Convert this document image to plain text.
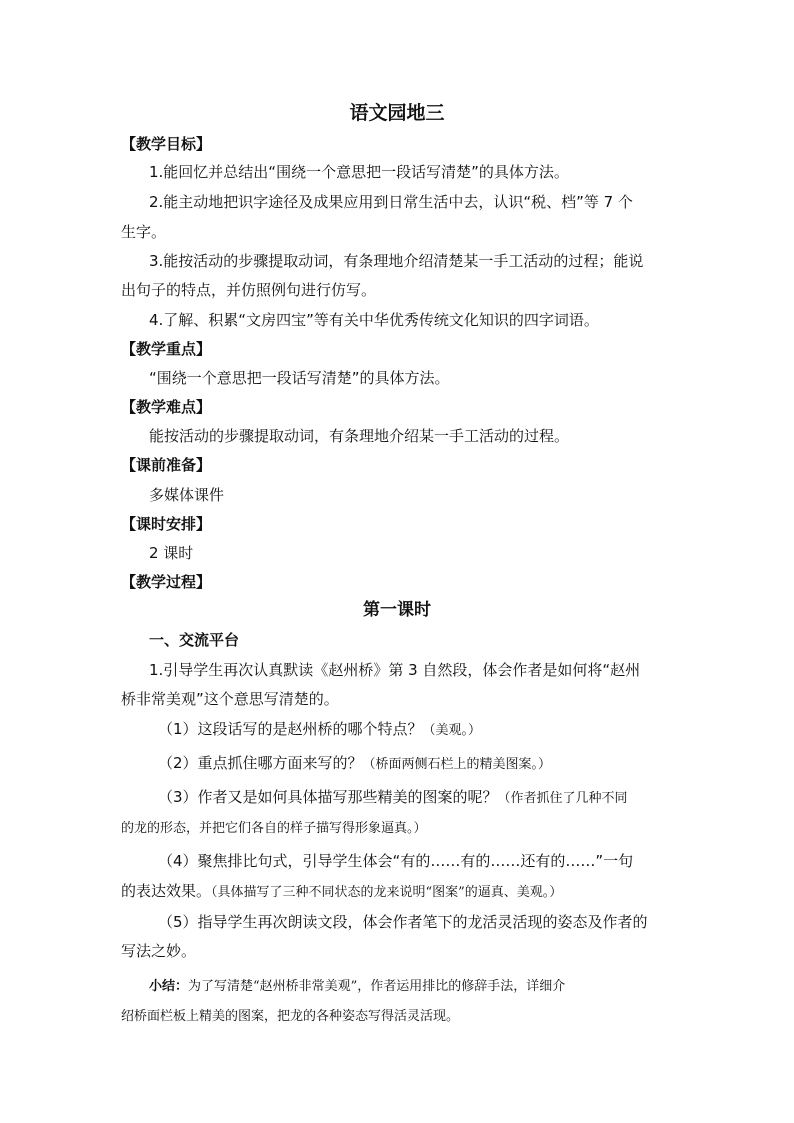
语文园地三
【教学目标】
1.能回忆并总结出“围绕一个意思把一段话写清楚”的具体方法。
2.能主动地把识字途径及成果应用到日常生活中去，认识“税、档”等 7 个
生字。
3.能按活动的步骤提取动词，有条理地介绍清楚某一手工活动的过程；能说
出句子的特点，并仿照例句进行仿写。
4.了解、积累“文房四宝”等有关中华优秀传统文化知识的四字词语。
【教学重点】
“围绕一个意思把一段话写清楚”的具体方法。
【教学难点】
能按活动的步骤提取动词，有条理地介绍某一手工活动的过程。
【课前准备】
多媒体课件
【课时安排】
2 课时
【教学过程】
第一课时
一、交流平台
1.引导学生再次认真默读《赵州桥》第 3 自然段，体会作者是如何将“赵州
桥非常美观”这个意思写清楚的。
（1）这段话写的是赵州桥的哪个特点？（美观。）
（2）重点抓住哪方面来写的？（桥面两侧石栏上的精美图案。）
（3）作者又是如何具体描写那些精美的图案的呢？（作者抓住了几种不同
的龙的形态，并把它们各自的样子描写得形象逼真。）
（4）聚焦排比句式，引导学生体会“有的……有的……还有的……”一句
的表达效果。（具体描写了三种不同状态的龙来说明“图案”的逼真、美观。）
（5）指导学生再次朗读文段，体会作者笔下的龙活灵活现的姿态及作者的
写法之妙。
小结：为了写清楚“赵州桥非常美观”，作者运用排比的修辞手法，详细介
绍桥面栏板上精美的图案，把龙的各种姿态写得活灵活现。
